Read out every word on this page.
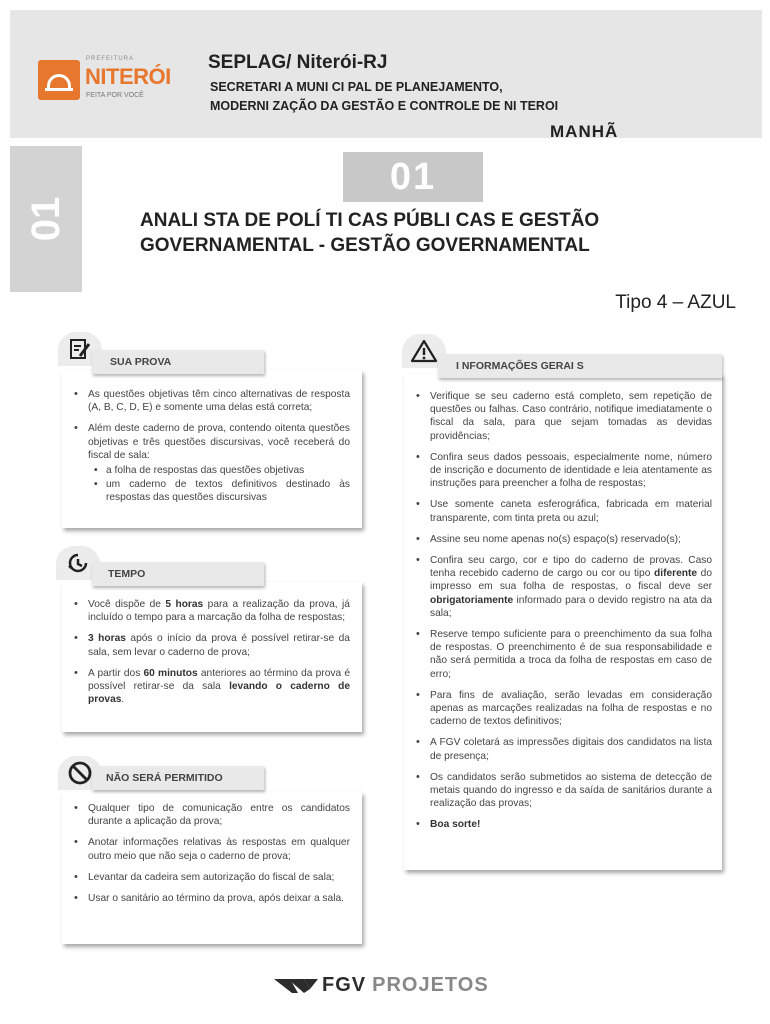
PREFEITURA
NITERÓI
FEITA POR VOCÊ
SEPLAG/ Niterói-RJ
SECRETARI A MUNI CI PAL DE PLANEJAMENTO,
MODERNI ZAÇÃO DA GESTÃO E CONTROLE DE NI TEROI
MANHÃ
01
01
ANALI STA DE POLÍ TI CAS PÚBLI CAS E GESTÃO
GOVERNAMENTAL - GESTÃO GOVERNAMENTAL
Tipo 4 – AZUL
SUA PROVA
• As questões objetivas têm cinco alternativas de resposta (A, B, C, D, E) e somente uma delas está correta;
• Além deste caderno de prova, contendo oitenta questões objetivas e três questões discursivas, você receberá do fiscal de sala:
• a folha de respostas das questões objetivas
• um caderno de textos definitivos destinado às respostas das questões discursivas
TEMPO
• Você dispõe de 5 horas para a realização da prova, já incluído o tempo para a marcação da folha de respostas;
• 3 horas após o início da prova é possível retirar-se da sala, sem levar o caderno de prova;
• A partir dos 60 minutos anteriores ao término da prova é possível retirar-se da sala levando o caderno de provas.
NÃO SERÁ PERMITIDO
• Qualquer tipo de comunicação entre os candidatos durante a aplicação da prova;
• Anotar informações relativas às respostas em qualquer outro meio que não seja o caderno de prova;
• Levantar da cadeira sem autorização do fiscal de sala;
• Usar o sanitário ao término da prova, após deixar a sala.
I NFORMAÇÕES GERAI S
• Verifique se seu caderno está completo, sem repetição de questões ou falhas. Caso contrário, notifique imediatamente o fiscal da sala, para que sejam tomadas as devidas providências;
• Confira seus dados pessoais, especialmente nome, número de inscrição e documento de identidade e leia atentamente as instruções para preencher a folha de respostas;
• Use somente caneta esferográfica, fabricada em material transparente, com tinta preta ou azul;
• Assine seu nome apenas no(s) espaço(s) reservado(s);
• Confira seu cargo, cor e tipo do caderno de provas. Caso tenha recebido caderno de cargo ou cor ou tipo diferente do impresso em sua folha de respostas, o fiscal deve ser obrigatoriamente informado para o devido registro na ata da sala;
• Reserve tempo suficiente para o preenchimento da sua folha de respostas. O preenchimento é de sua responsabilidade e não será permitida a troca da folha de respostas em caso de erro;
• Para fins de avaliação, serão levadas em consideração apenas as marcações realizadas na folha de respostas e no caderno de textos definitivos;
• A FGV coletará as impressões digitais dos candidatos na lista de presença;
• Os candidatos serão submetidos ao sistema de detecção de metais quando do ingresso e da saída de sanitários durante a realização das provas;
• Boa sorte!
FGV PROJETOS
